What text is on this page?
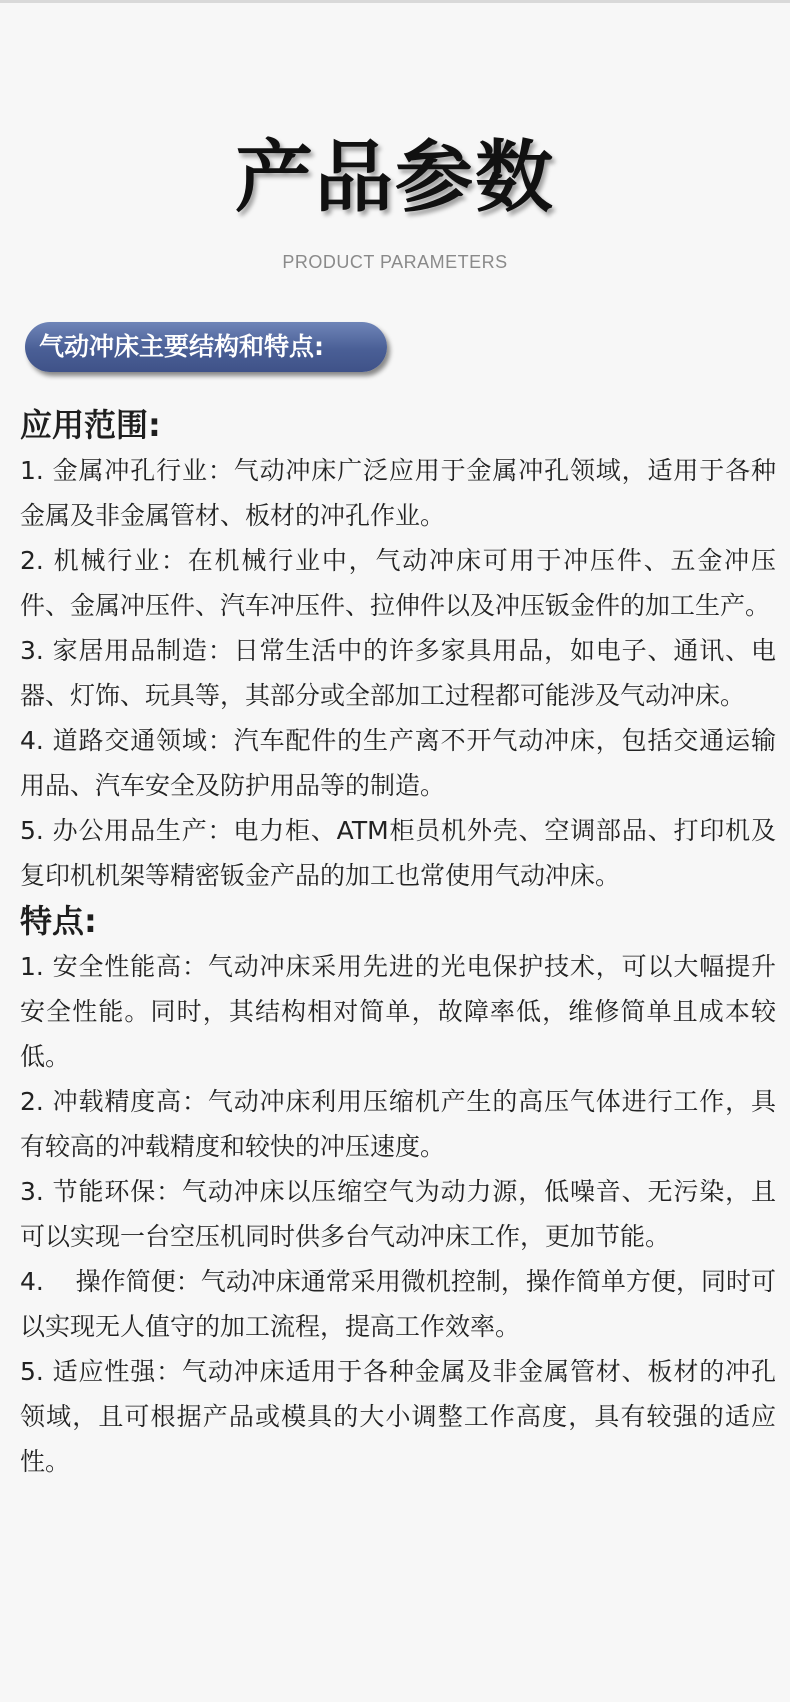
产品参数
PRODUCT PARAMETERS
气动冲床主要结构和特点:
应用范围:

1. 金属冲孔行业：气动冲床广泛应用于金属冲孔领域，适用于各种金属及非金属管材、板材的冲孔作业。

2. 机械行业：在机械行业中，气动冲床可用于冲压件、五金冲压件、金属冲压件、汽车冲压件、拉伸件以及冲压钣金件的加工生产。

3. 家居用品制造：日常生活中的许多家具用品，如电子、通讯、电器、灯饰、玩具等，其部分或全部加工过程都可能涉及气动冲床。

4. 道路交通领域：汽车配件的生产离不开气动冲床，包括交通运输用品、汽车安全及防护用品等的制造。

5. 办公用品生产：电力柜、ATM柜员机外壳、空调部品、打印机及复印机机架等精密钣金产品的加工也常使用气动冲床。

特点:

1. 安全性能高：气动冲床采用先进的光电保护技术，可以大幅提升安全性能。同时，其结构相对简单，故障率低，维修简单且成本较低。

2. 冲载精度高：气动冲床利用压缩机产生的高压气体进行工作，具有较高的冲载精度和较快的冲压速度。

3. 节能环保：气动冲床以压缩空气为动力源，低噪音、无污染，且可以实现一台空压机同时供多台气动冲床工作，更加节能。

4.    操作简便：气动冲床通常采用微机控制，操作简单方便，同时可以实现无人值守的加工流程，提高工作效率。

5. 适应性强：气动冲床适用于各种金属及非金属管材、板材的冲孔领域，且可根据产品或模具的大小调整工作高度，具有较强的适应性。
